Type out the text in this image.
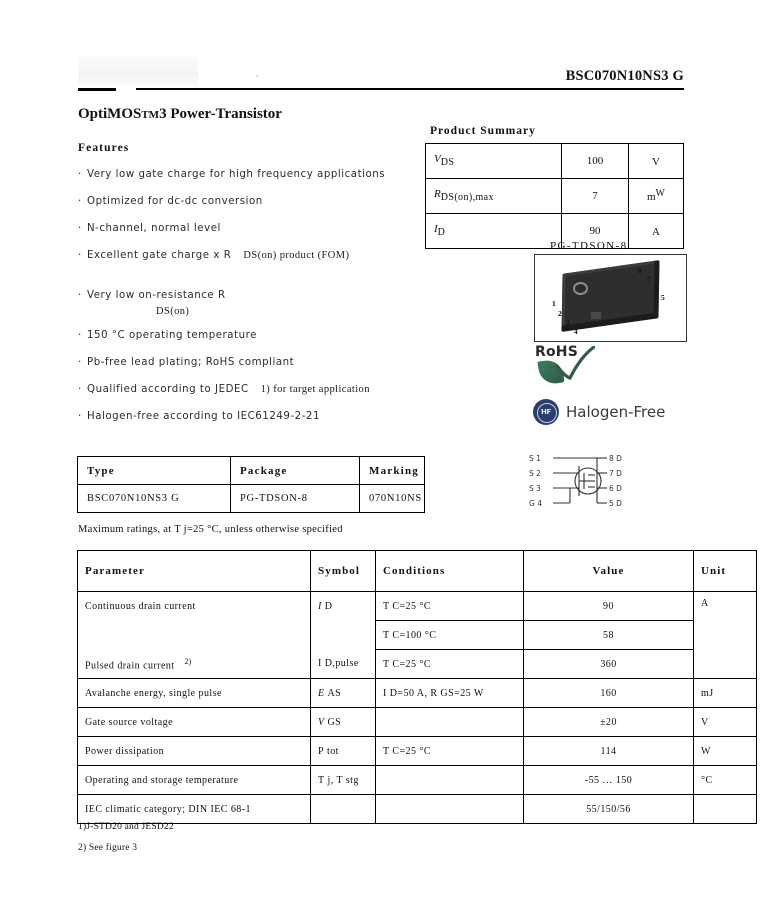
•	BSC070N10NS3 G
OptiMOSTM3 Power-Transistor
Features
· Very low gate charge for high frequency applications
· Optimized for dc-dc conversion
· N-channel, normal level
· Excellent gate charge x R DS(on) product (FOM)
· Very low on-resistance R
DS(on)
· 150 °C operating temperature
· Pb-free lead plating; RoHS compliant
· Qualified according to JEDEC 1) for target application
· Halogen-free according to IEC61249-2-21
Product Summary
VDS	100	V
RDS(on),max	7	mW
ID	90	A
PG-TDSON-8
1
2
3
4
5
6
7
8
RoHS
HF Halogen-Free
Type	Package	Marking
BSC070N10NS3 G	PG-TDSON-8	070N10NS
S 1
S 2
S 3
G 4
8 D
7 D
6 D
5 D
Maximum ratings, at T j=25 °C, unless otherwise specified
Parameter	Symbol	Conditions	Value	Unit
Continuous drain current	I D	T C=25 °C	90	A
		T C=100 °C	58	
Pulsed drain current $^{2)}$	I D,pulse	T C=25 °C	360	
Avalanche energy, single pulse	E AS	I D=50 A, R GS=25 W	160	mJ
Gate source voltage	V GS		±20	V
Power dissipation	P tot	T C=25 °C	114	W
Operating and storage temperature	T j, T stg		-55 … 150	°C
IEC climatic category; DIN IEC 68-1			55/150/56	
1)J-STD20 and JESD22
2) See figure 3
